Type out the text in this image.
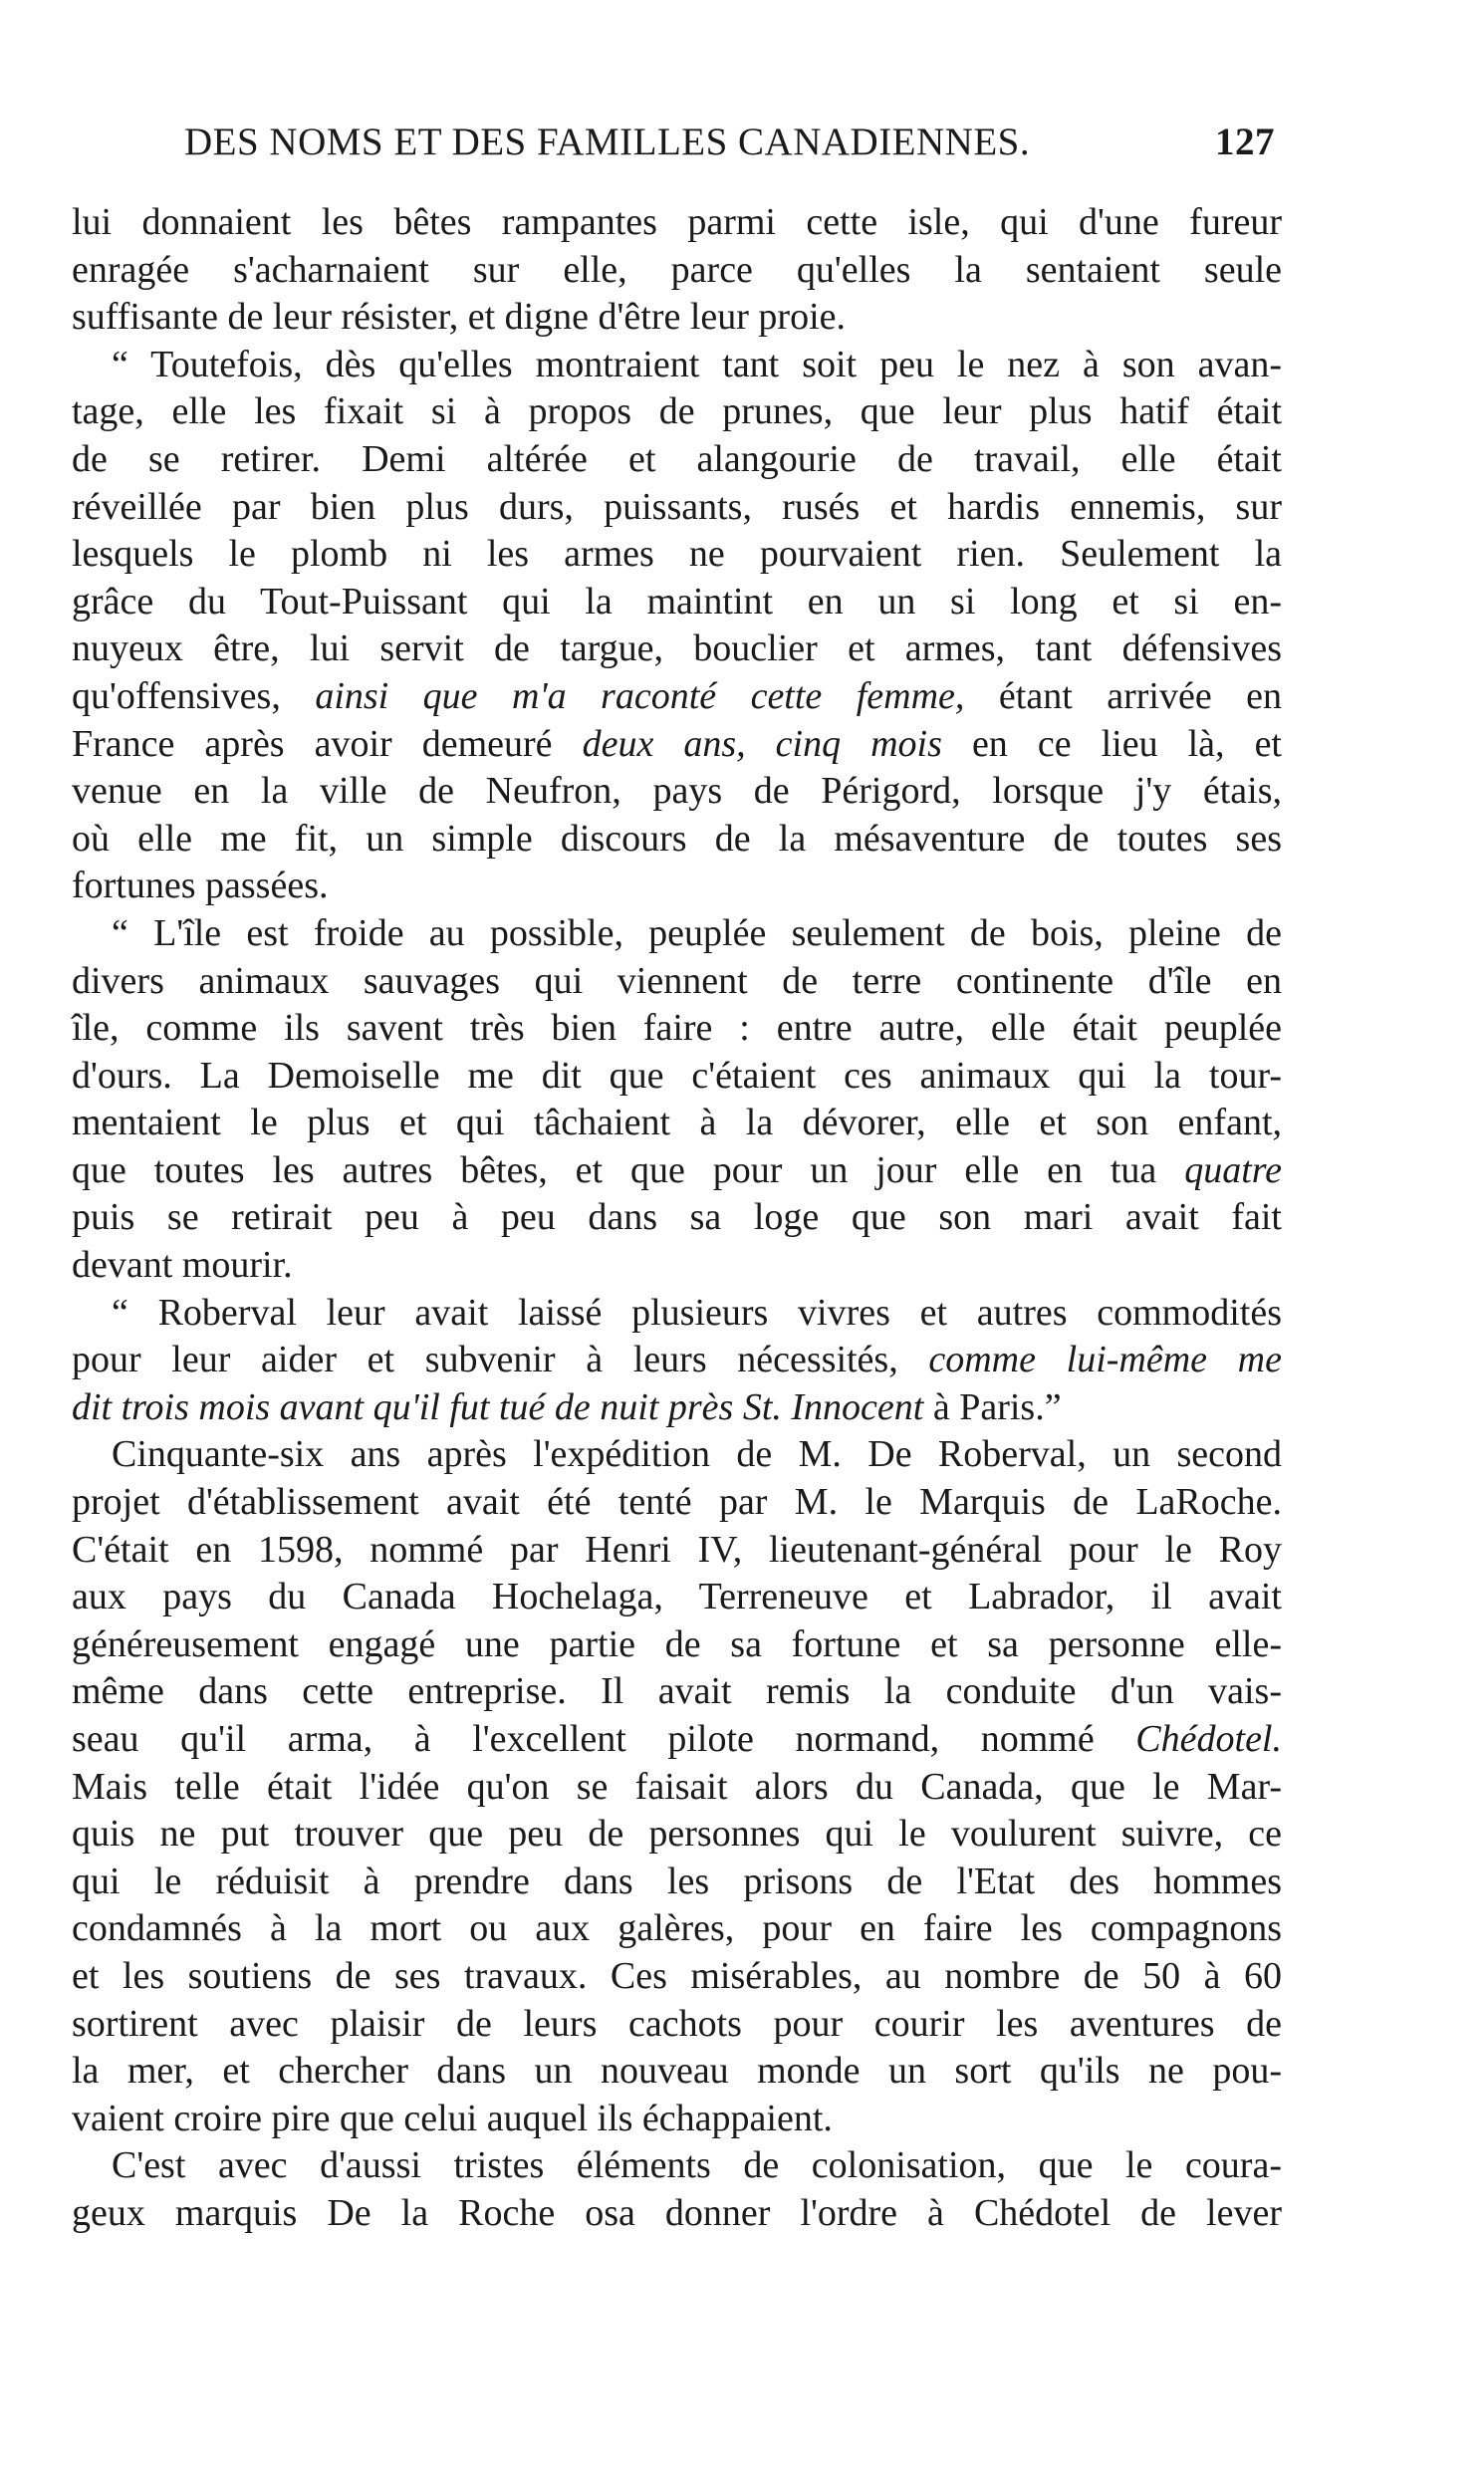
DES NOMS ET DES FAMILLES CANADIENNES.	127
lui donnaient les bêtes rampantes parmi cette isle, qui d'une fureur
enragée s'acharnaient sur elle, parce qu'elles la sentaient seule
suffisante de leur résister, et digne d'être leur proie.
“ Toutefois, dès qu'elles montraient tant soit peu le nez à son avan-
tage, elle les fixait si à propos de prunes, que leur plus hatif était
de se retirer. Demi altérée et alangourie de travail, elle était
réveillée par bien plus durs, puissants, rusés et hardis ennemis, sur
lesquels le plomb ni les armes ne pourvaient rien. Seulement la
grâce du Tout-Puissant qui la maintint en un si long et si en-
nuyeux être, lui servit de targue, bouclier et armes, tant défensives
qu'offensives, ainsi que m'a raconté cette femme, étant arrivée en
France après avoir demeuré deux ans, cinq mois en ce lieu là, et
venue en la ville de Neufron, pays de Périgord, lorsque j'y étais,
où elle me fit, un simple discours de la mésaventure de toutes ses
fortunes passées.
“ L'île est froide au possible, peuplée seulement de bois, pleine de
divers animaux sauvages qui viennent de terre continente d'île en
île, comme ils savent très bien faire : entre autre, elle était peuplée
d'ours. La Demoiselle me dit que c'étaient ces animaux qui la tour-
mentaient le plus et qui tâchaient à la dévorer, elle et son enfant,
que toutes les autres bêtes, et que pour un jour elle en tua quatre
puis se retirait peu à peu dans sa loge que son mari avait fait
devant mourir.
“ Roberval leur avait laissé plusieurs vivres et autres commodités
pour leur aider et subvenir à leurs nécessités, comme lui-même me
dit trois mois avant qu'il fut tué de nuit près St. Innocent à Paris.”
Cinquante-six ans après l'expédition de M. De Roberval, un second
projet d'établissement avait été tenté par M. le Marquis de LaRoche.
C'était en 1598, nommé par Henri IV, lieutenant-général pour le Roy
aux pays du Canada Hochelaga, Terreneuve et Labrador, il avait
généreusement engagé une partie de sa fortune et sa personne elle-
même dans cette entreprise. Il avait remis la conduite d'un vais-
seau qu'il arma, à l'excellent pilote normand, nommé Chédotel.
Mais telle était l'idée qu'on se faisait alors du Canada, que le Mar-
quis ne put trouver que peu de personnes qui le voulurent suivre, ce
qui le réduisit à prendre dans les prisons de l'Etat des hommes
condamnés à la mort ou aux galères, pour en faire les compagnons
et les soutiens de ses travaux. Ces misérables, au nombre de 50 à 60
sortirent avec plaisir de leurs cachots pour courir les aventures de
la mer, et chercher dans un nouveau monde un sort qu'ils ne pou-
vaient croire pire que celui auquel ils échappaient.
C'est avec d'aussi tristes éléments de colonisation, que le coura-
geux marquis De la Roche osa donner l'ordre à Chédotel de lever
